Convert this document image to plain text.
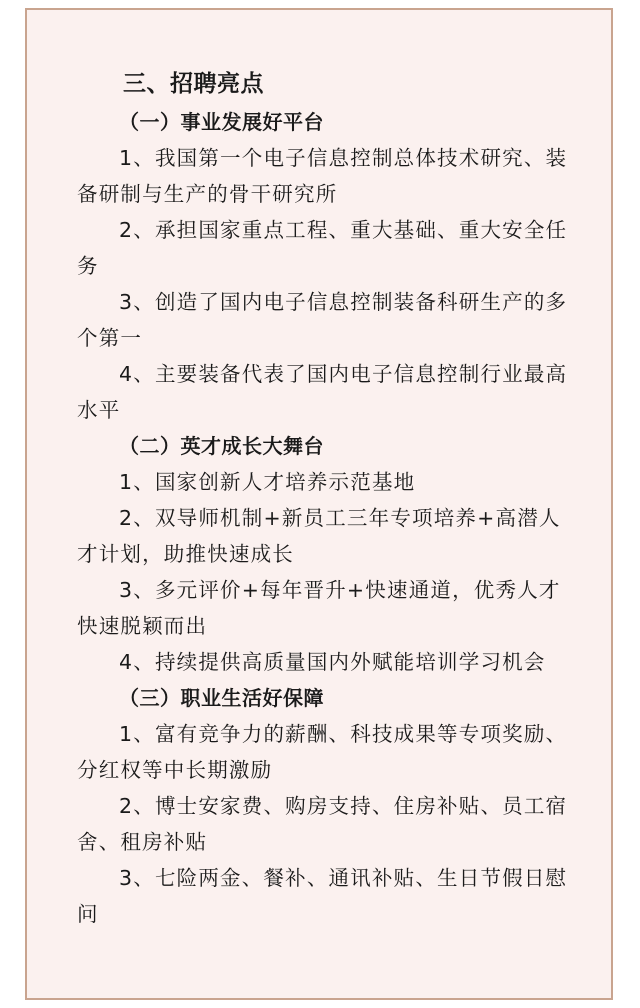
三、招聘亮点
（一）事业发展好平台

1、我国第一个电子信息控制总体技术研究、装备研制与生产的骨干研究所

2、承担国家重点工程、重大基础、重大安全任务

3、创造了国内电子信息控制装备科研生产的多个第一

4、主要装备代表了国内电子信息控制行业最高水平

（二）英才成长大舞台

1、国家创新人才培养示范基地

2、双导师机制+新员工三年专项培养+高潜人才计划，助推快速成长

3、多元评价+每年晋升+快速通道，优秀人才快速脱颖而出

4、持续提供高质量国内外赋能培训学习机会

（三）职业生活好保障

1、富有竞争力的薪酬、科技成果等专项奖励、分红权等中长期激励

2、博士安家费、购房支持、住房补贴、员工宿舍、租房补贴

3、七险两金、餐补、通讯补贴、生日节假日慰问
